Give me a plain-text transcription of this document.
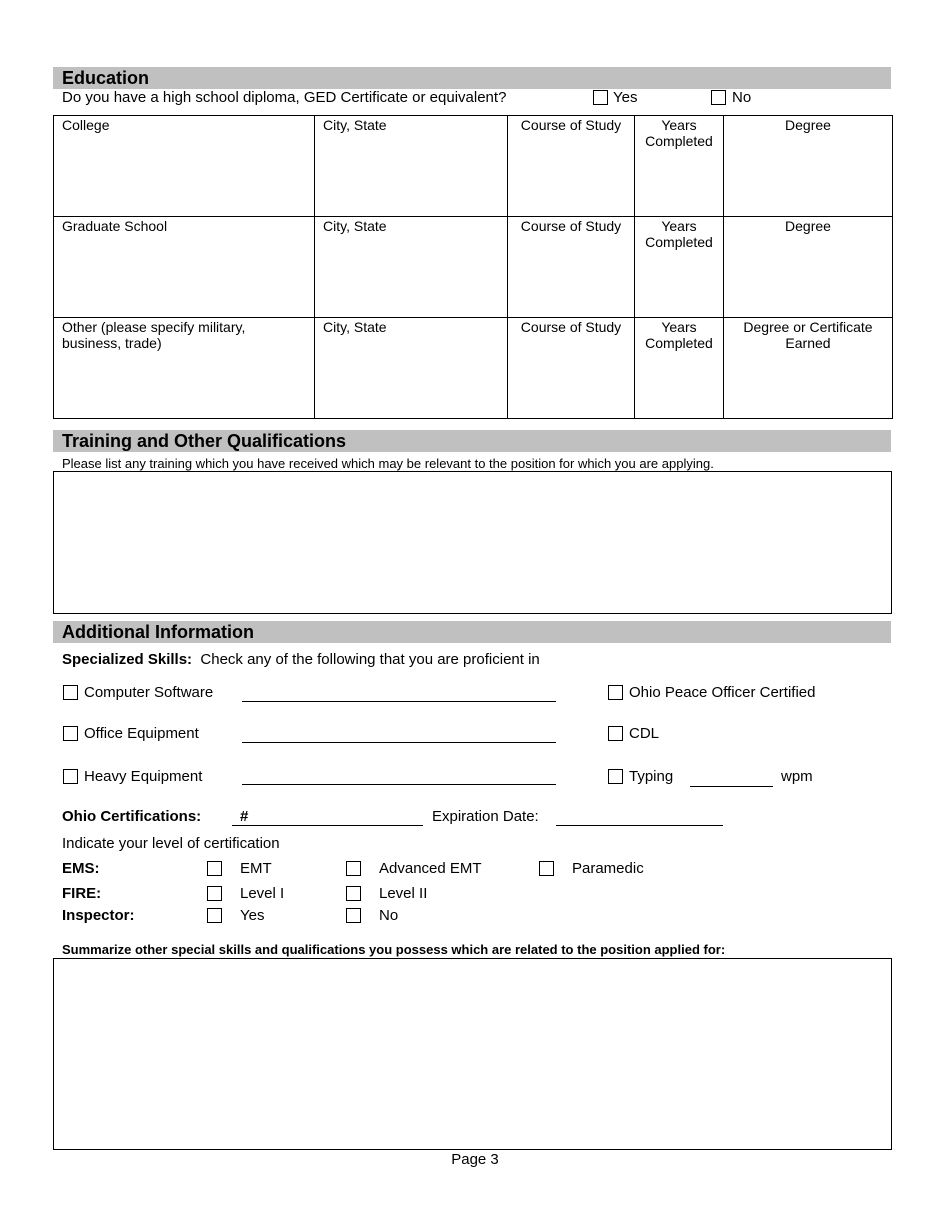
Education
Do you have a high school diploma, GED Certificate or equivalent?	Yes	No
College	City, State	Course of Study	Years Completed	Degree
Graduate School	City, State	Course of Study	Years Completed	Degree
Other (please specify military, business, trade)	City, State	Course of Study	Years Completed	Degree or Certificate Earned
Training and Other Qualifications
Please list any training which you have received which may be relevant to the position for which you are applying.
Additional Information
Specialized Skills: Check any of the following that you are proficient in
Computer Software	Ohio Peace Officer Certified
Office Equipment	CDL
Heavy Equipment	Typing	wpm
Ohio Certifications:	#	Expiration Date:
Indicate your level of certification
EMS:	EMT	Advanced EMT	Paramedic
FIRE:	Level I	Level II
Inspector:	Yes	No
Summarize other special skills and qualifications you possess which are related to the position applied for:
Page 3
